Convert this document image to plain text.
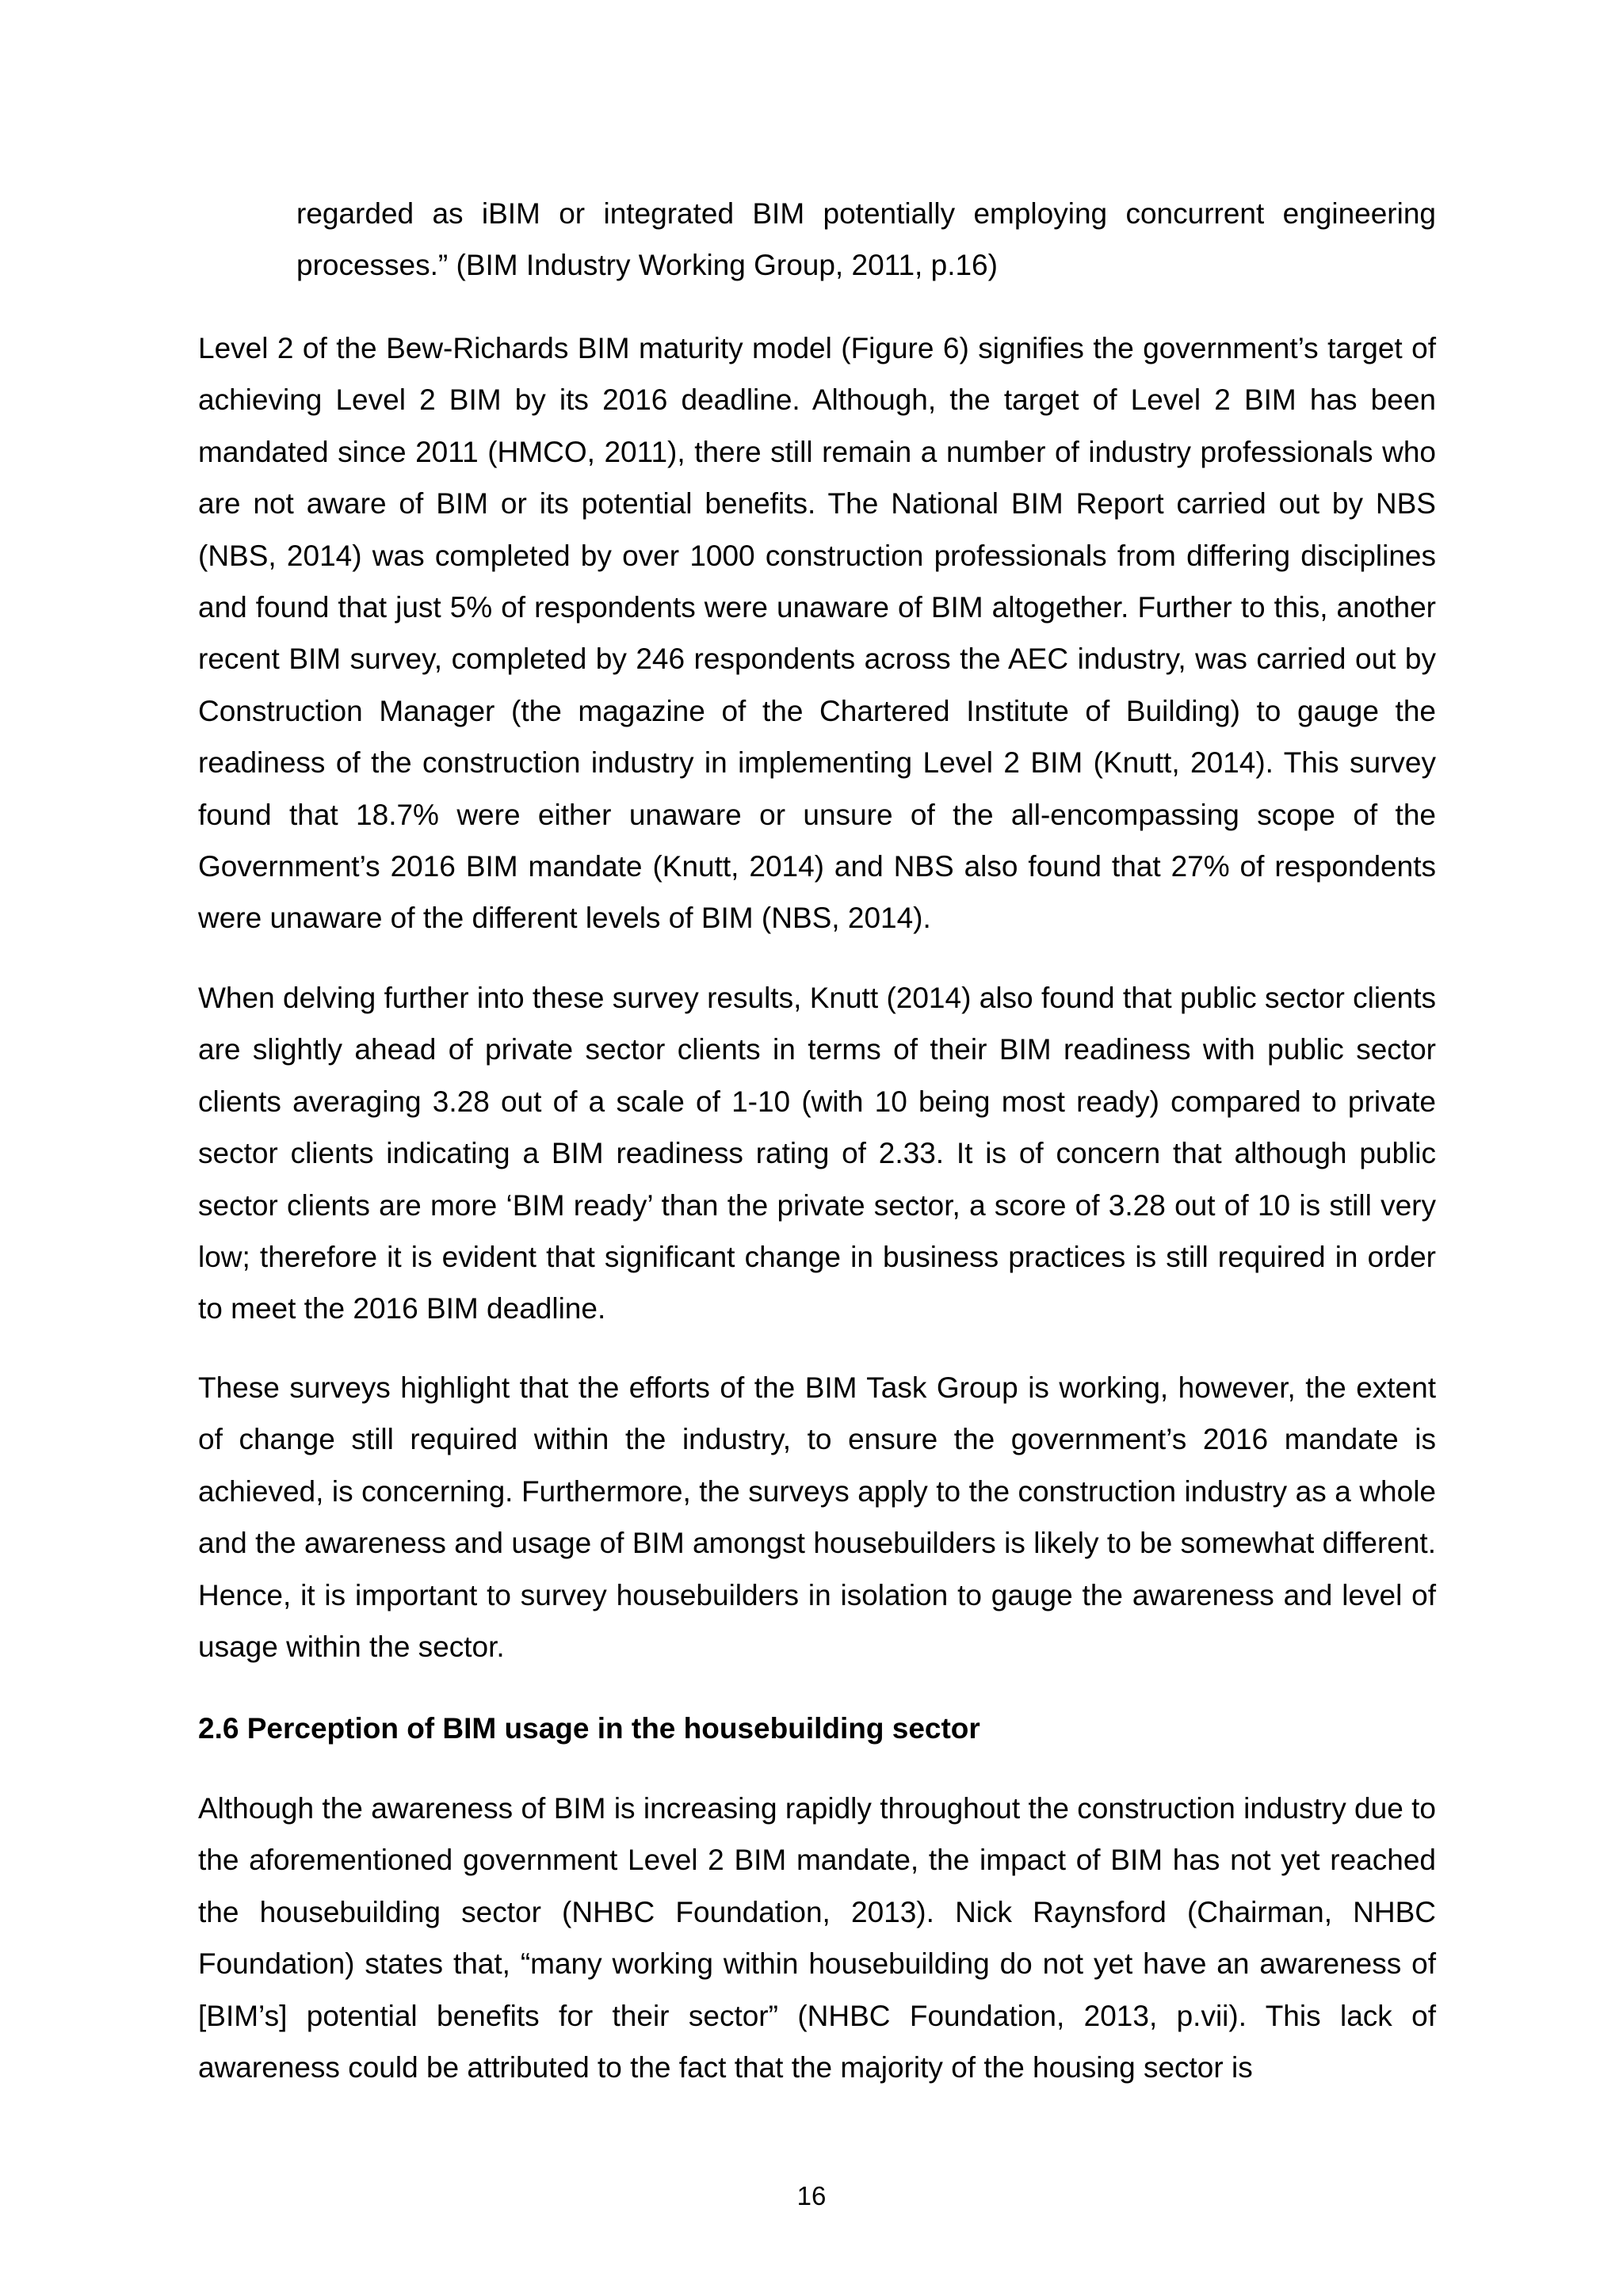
regarded as iBIM or integrated BIM potentially employing concurrent engineering processes.” (BIM Industry Working Group, 2011, p.16)

Level 2 of the Bew-Richards BIM maturity model (Figure 6) signifies the government’s target of achieving Level 2 BIM by its 2016 deadline. Although, the target of Level 2 BIM has been mandated since 2011 (HMCO, 2011), there still remain a number of industry professionals who are not aware of BIM or its potential benefits. The National BIM Report carried out by NBS (NBS, 2014) was completed by over 1000 construction professionals from differing disciplines and found that just 5% of respondents were unaware of BIM altogether. Further to this, another recent BIM survey, completed by 246 respondents across the AEC industry, was carried out by Construction Manager (the magazine of the Chartered Institute of Building) to gauge the readiness of the construction industry in implementing Level 2 BIM (Knutt, 2014). This survey found that 18.7% were either unaware or unsure of the all-encompassing scope of the Government’s 2016 BIM mandate (Knutt, 2014) and NBS also found that 27% of respondents were unaware of the different levels of BIM (NBS, 2014).

When delving further into these survey results, Knutt (2014) also found that public sector clients are slightly ahead of private sector clients in terms of their BIM readiness with public sector clients averaging 3.28 out of a scale of 1-10 (with 10 being most ready) compared to private sector clients indicating a BIM readiness rating of 2.33. It is of concern that although public sector clients are more ‘BIM ready’ than the private sector, a score of 3.28 out of 10 is still very low; therefore it is evident that significant change in business practices is still required in order to meet the 2016 BIM deadline.

These surveys highlight that the efforts of the BIM Task Group is working, however, the extent of change still required within the industry, to ensure the government’s 2016 mandate is achieved, is concerning. Furthermore, the surveys apply to the construction industry as a whole and the awareness and usage of BIM amongst housebuilders is likely to be somewhat different. Hence, it is important to survey housebuilders in isolation to gauge the awareness and level of usage within the sector.

2.6 Perception of BIM usage in the housebuilding sector

Although the awareness of BIM is increasing rapidly throughout the construction industry due to the aforementioned government Level 2 BIM mandate, the impact of BIM has not yet reached the housebuilding sector (NHBC Foundation, 2013). Nick Raynsford (Chairman, NHBC Foundation) states that, “many working within housebuilding do not yet have an awareness of [BIM’s] potential benefits for their sector” (NHBC Foundation, 2013, p.vii). This lack of awareness could be attributed to the fact that the majority of the housing sector is

16
